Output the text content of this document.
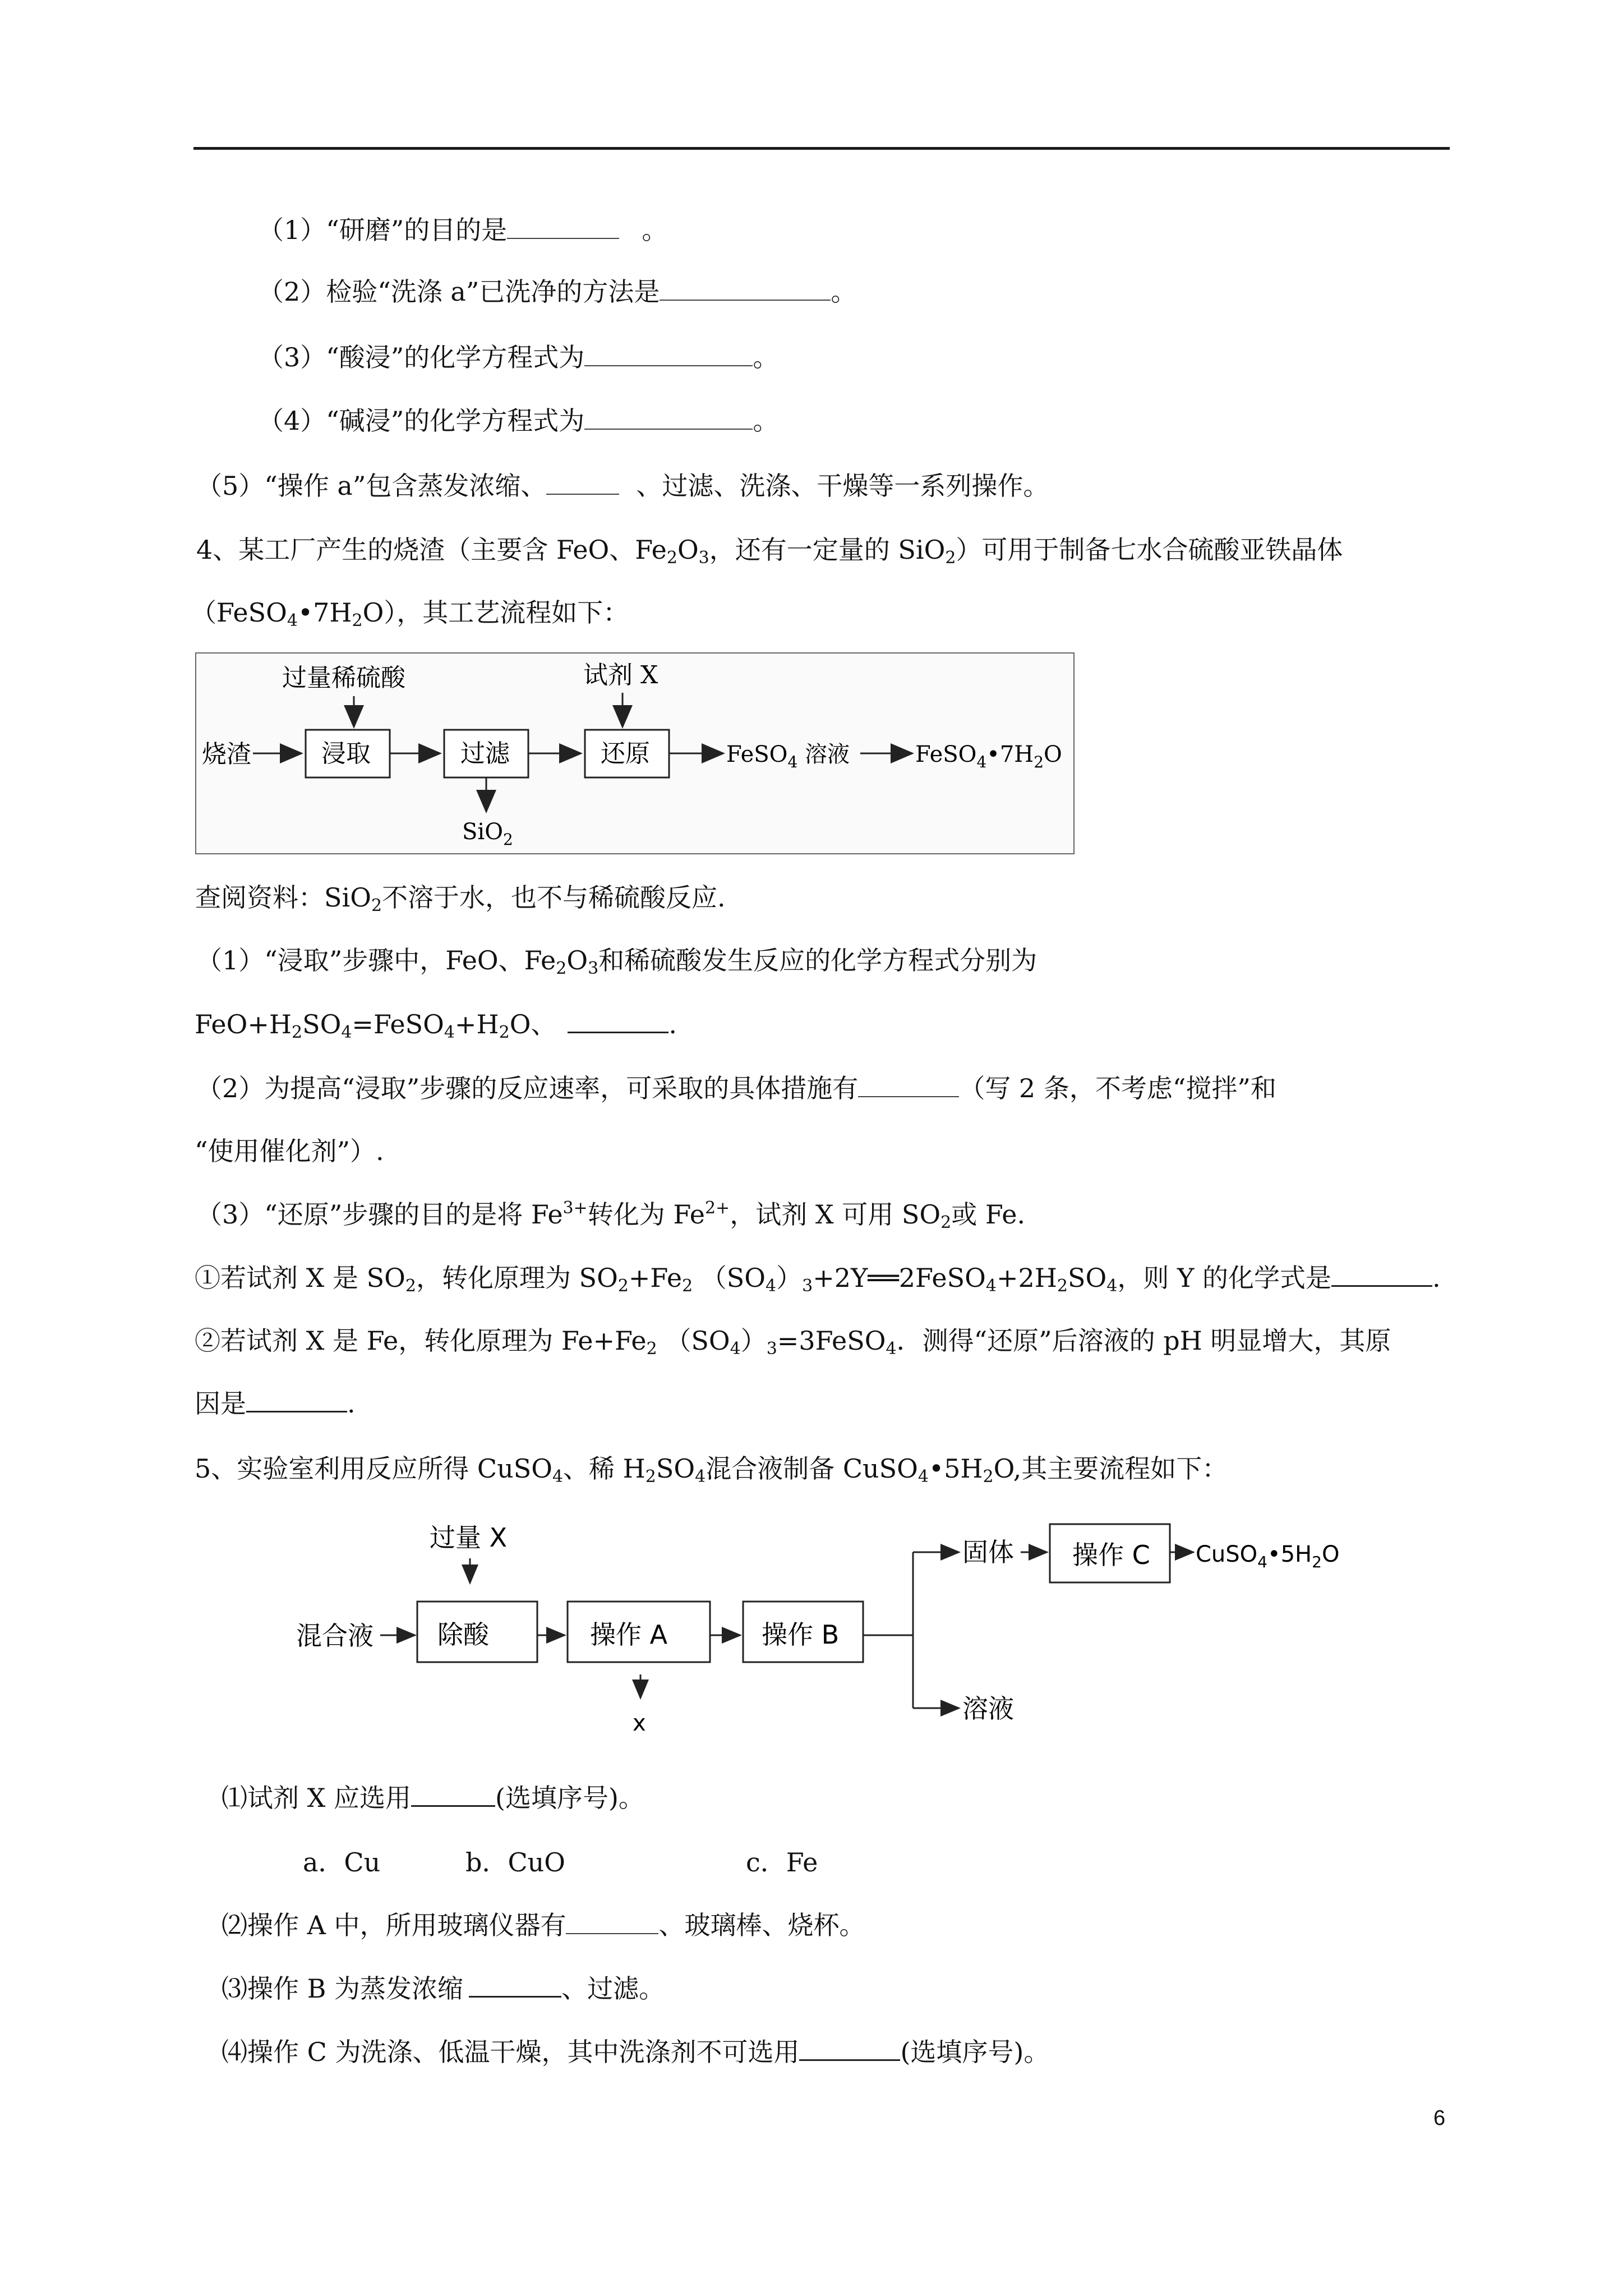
（1）“研磨”的目的是	。
（2）检验“洗涤 a”已洗净的方法是	。
（3）“酸浸”的化学方程式为	。
（4）“碱浸”的化学方程式为	。
（5）“操作 a”包含蒸发浓缩、	、过滤、洗涤、干燥等一系列操作。
4、某工厂产生的烧渣（主要含 FeO、$Fe_2O_3$，还有一定量的 SiO$_2$）可用于制备七水合硫酸亚铁晶体
$(FeSO_4•7H_2O)$，其工艺流程如下：
过量稀硫酸	试剂 X
烧渣	浸取	过滤
SiO$_2$
还原	FeSO$_4$ 溶液	$FeSO_4•7H_2O$
查阅资料：SiO$_2$不溶于水，也不与稀硫酸反应.
（1）“浸取”步骤中，FeO、$Fe_2O_3$和稀硫酸发生反应的化学方程式分别为
$FeO+H_2SO_4=FeSO_4+H_2O$、	.
（2）为提高“浸取”步骤的反应速率，可采取的具体措施有	（写 2 条，不考虑“搅拌”和
“使用催化剂”）.
（3）“还原”步骤的目的是将 $Fe^{3+}$转化为 $Fe^{2+}$，试剂 X 可用 $SO_2$或 Fe.
①若试剂 X 是 $SO_2$，转化原理为 $SO_2+Fe_2$ $(SO_4)_3+2Y══2FeSO_4+2H_2SO_4$，则 Y 的化学式是	.
②若试剂 X 是 Fe，转化原理为 $Fe+Fe_2$ $(SO_4)_3=3FeSO_4$．测得“还原”后溶液的 pH 明显增大，其原
因是	.
5、实验室利用反应所得 CuSO$_4$、稀 $H_2SO_4$混合液制备 $CuSO_4•5H_2O$,其主要流程如下：
过量 X
混合液 除酸	操作 A
x
操作 B
固体
溶液
操作 C $CuSO_4•5H_2O$
⑴试剂 X 应选用	(选填序号)。
a．Cu	b．CuO	c．Fe
⑵操作 A 中，所用玻璃仪器有	、玻璃棒、烧杯。
⑶操作 B 为蒸发浓缩	、过滤。
⑷操作 C 为洗涤、低温干燥，其中洗涤剂不可选用	(选填序号)。
6
